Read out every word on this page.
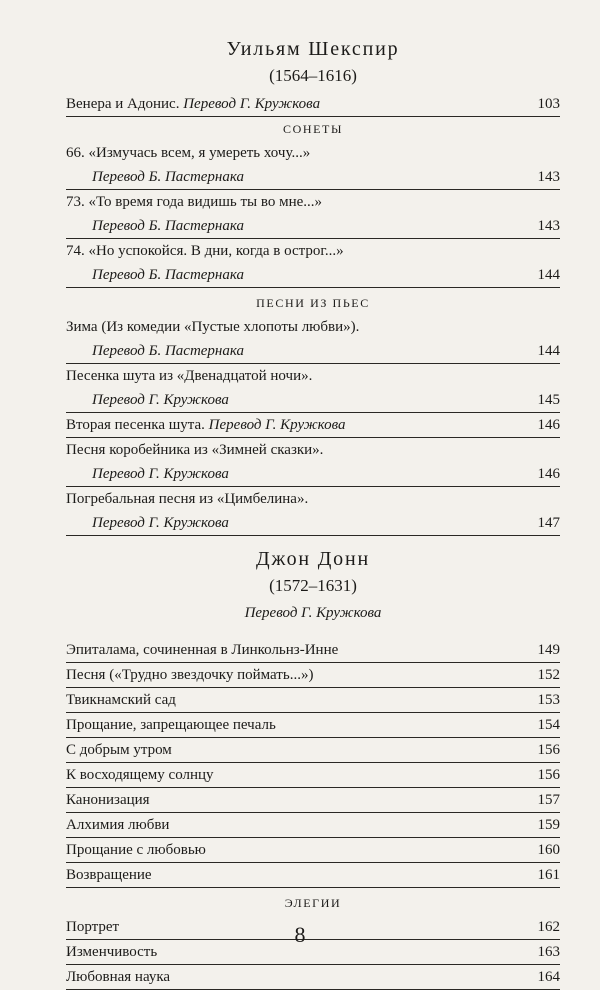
Уильям Шекспир
(1564–1616)
Венера и Адонис. Перевод Г. Кружкова	103
СОНЕТЫ
66. «Измучась всем, я умереть хочу...»
Перевод Б. Пастернака	143
73. «То время года видишь ты во мне...»
Перевод Б. Пастернака	143
74. «Но успокойся. В дни, когда в острог...»
Перевод Б. Пастернака	144
ПЕСНИ ИЗ ПЬЕС
Зима (Из комедии «Пустые хлопоты любви»).
Перевод Б. Пастернака	144
Песенка шута из «Двенадцатой ночи».
Перевод Г. Кружкова	145
Вторая песенка шута. Перевод Г. Кружкова	146
Песня коробейника из «Зимней сказки».
Перевод Г. Кружкова	146
Погребальная песня из «Цимбелина».
Перевод Г. Кружкова	147
Джон Донн
(1572–1631)
Перевод Г. Кружкова
Эпиталама, сочиненная в Линкольнз-Инне	149
Песня («Трудно звездочку поймать...»)	152
Твикнамский сад	153
Прощание, запрещающее печаль	154
С добрым утром	156
К восходящему солнцу	156
Канонизация	157
Алхимия любви	159
Прощание с любовью	160
Возвращение	161
ЭЛЕГИИ
Портрет	162
Изменчивость	163
Любовная наука	164
8
